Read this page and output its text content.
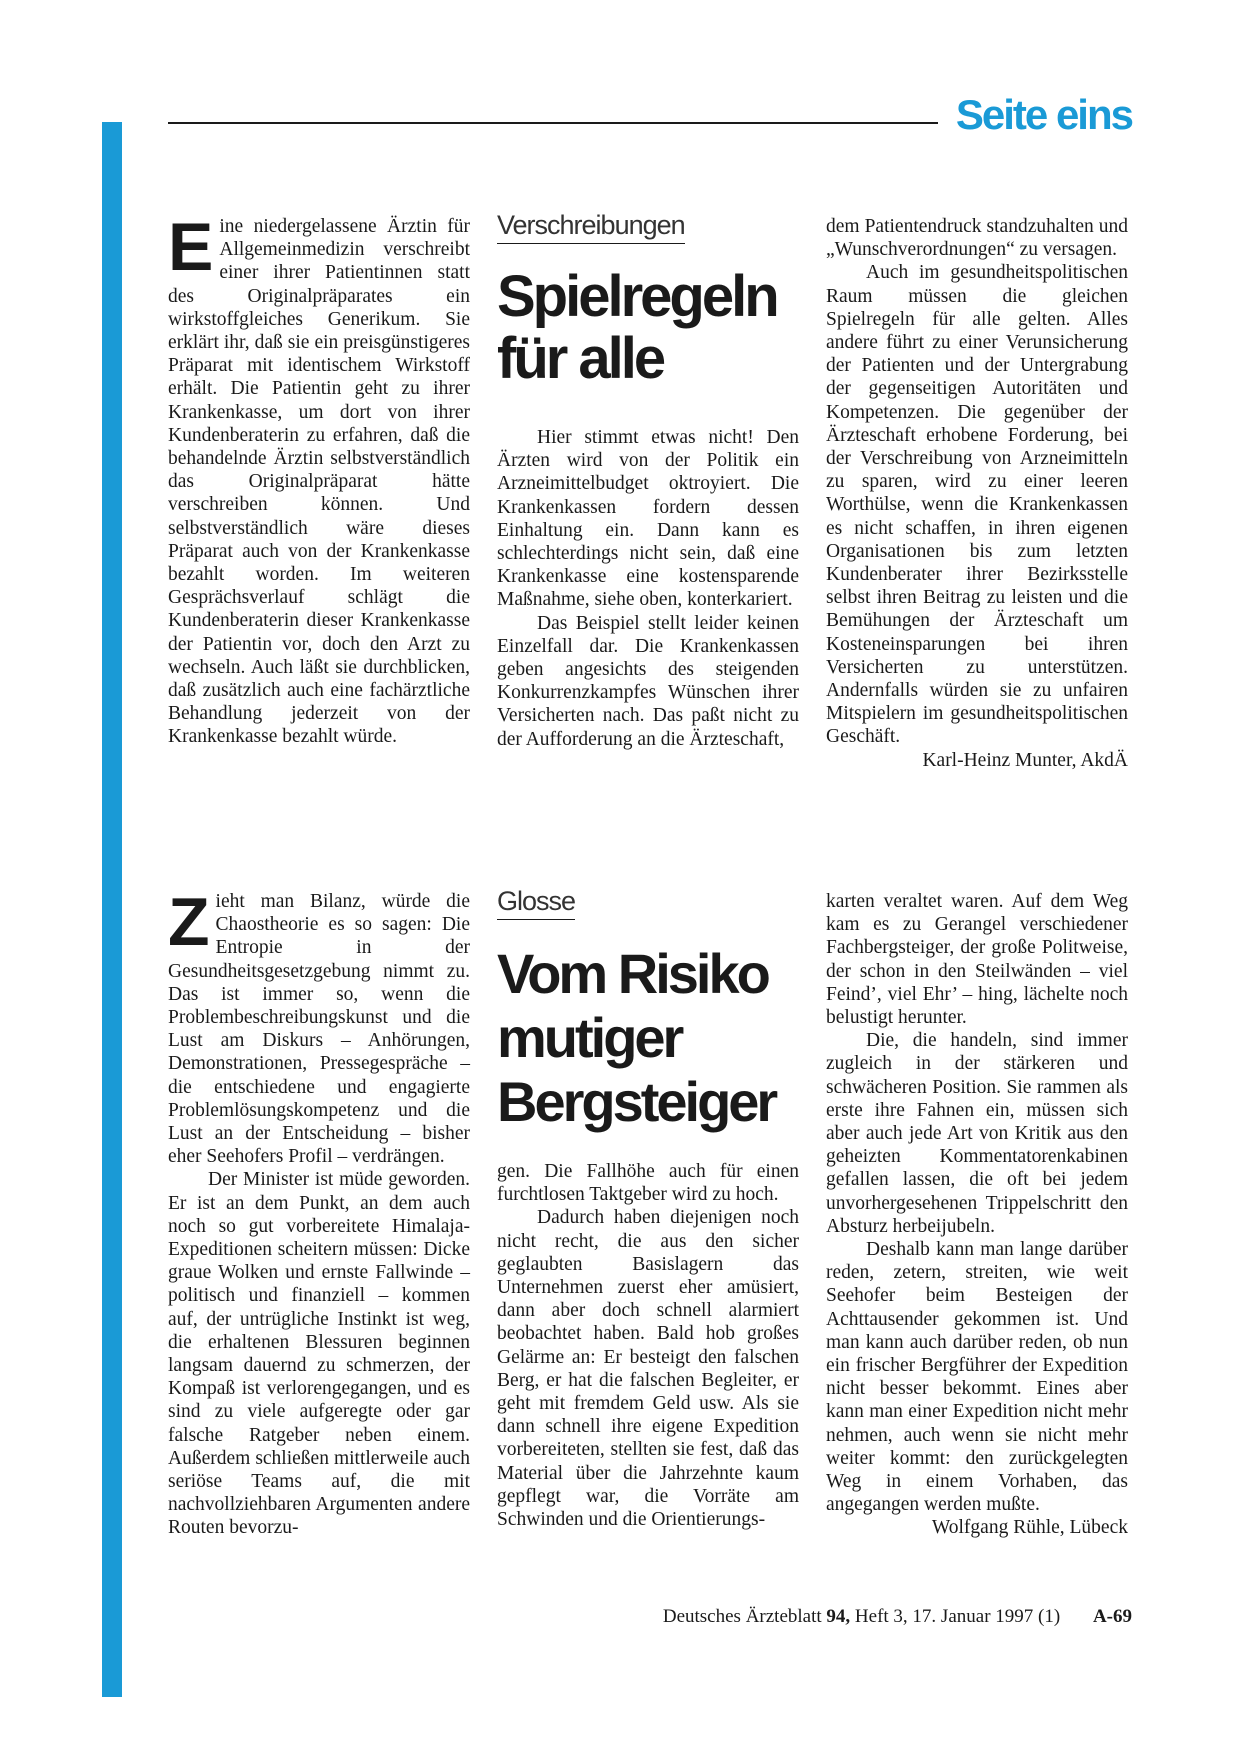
Seite eins

Eine niedergelassene Ärztin für Allgemeinmedizin verschreibt einer ihrer Patientinnen statt des Originalpräparates ein wirkstoffgleiches Generikum. Sie erklärt ihr, daß sie ein preisgünstigeres Präparat mit identischem Wirkstoff erhält. Die Patientin geht zu ihrer Krankenkasse, um dort von ihrer Kundenberaterin zu erfahren, daß die behandelnde Ärztin selbstverständlich das Originalpräparat hätte verschreiben können. Und selbstverständlich wäre dieses Präparat auch von der Krankenkasse bezahlt worden. Im weiteren Gesprächsverlauf schlägt die Kundenberaterin dieser Krankenkasse der Patientin vor, doch den Arzt zu wechseln. Auch läßt sie durchblicken, daß zusätzlich auch eine fachärztliche Behandlung jederzeit von der Krankenkasse bezahlt würde.

Verschreibungen
Spielregeln
für alle

Hier stimmt etwas nicht! Den Ärzten wird von der Politik ein Arzneimittelbudget oktroyiert. Die Krankenkassen fordern dessen Einhaltung ein. Dann kann es schlechterdings nicht sein, daß eine Krankenkasse eine kostensparende Maßnahme, siehe oben, konterkariert.

Das Beispiel stellt leider keinen Einzelfall dar. Die Krankenkassen geben angesichts des steigenden Konkurrenzkampfes Wünschen ihrer Versicherten nach. Das paßt nicht zu der Aufforderung an die Ärzteschaft,

dem Patientendruck standzuhalten und „Wunschverordnungen“ zu versagen.

Auch im gesundheitspolitischen Raum müssen die gleichen Spielregeln für alle gelten. Alles andere führt zu einer Verunsicherung der Patienten und der Untergrabung der gegenseitigen Autoritäten und Kompetenzen. Die gegenüber der Ärzteschaft erhobene Forderung, bei der Verschreibung von Arzneimitteln zu sparen, wird zu einer leeren Worthülse, wenn die Krankenkassen es nicht schaffen, in ihren eigenen Organisationen bis zum letzten Kundenberater ihrer Bezirksstelle selbst ihren Beitrag zu leisten und die Bemühungen der Ärzteschaft um Kosteneinsparungen bei ihren Versicherten zu unterstützen. Andernfalls würden sie zu unfairen Mitspielern im gesundheitspolitischen Geschäft.
Karl-Heinz Munter, AkdÄ

Zieht man Bilanz, würde die Chaostheorie es so sagen: Die Entropie in der Gesundheitsgesetzgebung nimmt zu. Das ist immer so, wenn die Problembeschreibungskunst und die Lust am Diskurs – Anhörungen, Demonstrationen, Pressegespräche – die entschiedene und engagierte Problemlösungskompetenz und die Lust an der Entscheidung – bisher eher Seehofers Profil – verdrängen.

Der Minister ist müde geworden. Er ist an dem Punkt, an dem auch noch so gut vorbereitete Himalaja-Expeditionen scheitern müssen: Dicke graue Wolken und ernste Fallwinde – politisch und finanziell – kommen auf, der untrügliche Instinkt ist weg, die erhaltenen Blessuren beginnen langsam dauernd zu schmerzen, der Kompaß ist verlorengegangen, und es sind zu viele aufgeregte oder gar falsche Ratgeber neben einem. Außerdem schließen mittlerweile auch seriöse Teams auf, die mit nachvollziehbaren Argumenten andere Routen bevorzu-

Glosse
Vom Risiko
mutiger
Bergsteiger

gen. Die Fallhöhe auch für einen furchtlosen Taktgeber wird zu hoch.

Dadurch haben diejenigen noch nicht recht, die aus den sicher geglaubten Basislagern das Unternehmen zuerst eher amüsiert, dann aber doch schnell alarmiert beobachtet haben. Bald hob großes Gelärme an: Er besteigt den falschen Berg, er hat die falschen Begleiter, er geht mit fremdem Geld usw. Als sie dann schnell ihre eigene Expedition vorbereiteten, stellten sie fest, daß das Material über die Jahrzehnte kaum gepflegt war, die Vorräte am Schwinden und die Orientierungs-

karten veraltet waren. Auf dem Weg kam es zu Gerangel verschiedener Fachbergsteiger, der große Politweise, der schon in den Steilwänden – viel Feind’, viel Ehr’ – hing, lächelte noch belustigt herunter.

Die, die handeln, sind immer zugleich in der stärkeren und schwächeren Position. Sie rammen als erste ihre Fahnen ein, müssen sich aber auch jede Art von Kritik aus den geheizten Kommentatorenkabinen gefallen lassen, die oft bei jedem unvorhergesehenen Trippelschritt den Absturz herbeijubeln.

Deshalb kann man lange darüber reden, zetern, streiten, wie weit Seehofer beim Besteigen der Achttausender gekommen ist. Und man kann auch darüber reden, ob nun ein frischer Bergführer der Expedition nicht besser bekommt. Eines aber kann man einer Expedition nicht mehr nehmen, auch wenn sie nicht mehr weiter kommt: den zurückgelegten Weg in einem Vorhaben, das angegangen werden mußte.
Wolfgang Rühle, Lübeck

Deutsches Ärzteblatt 94, Heft 3, 17. Januar 1997 (1) A-69
